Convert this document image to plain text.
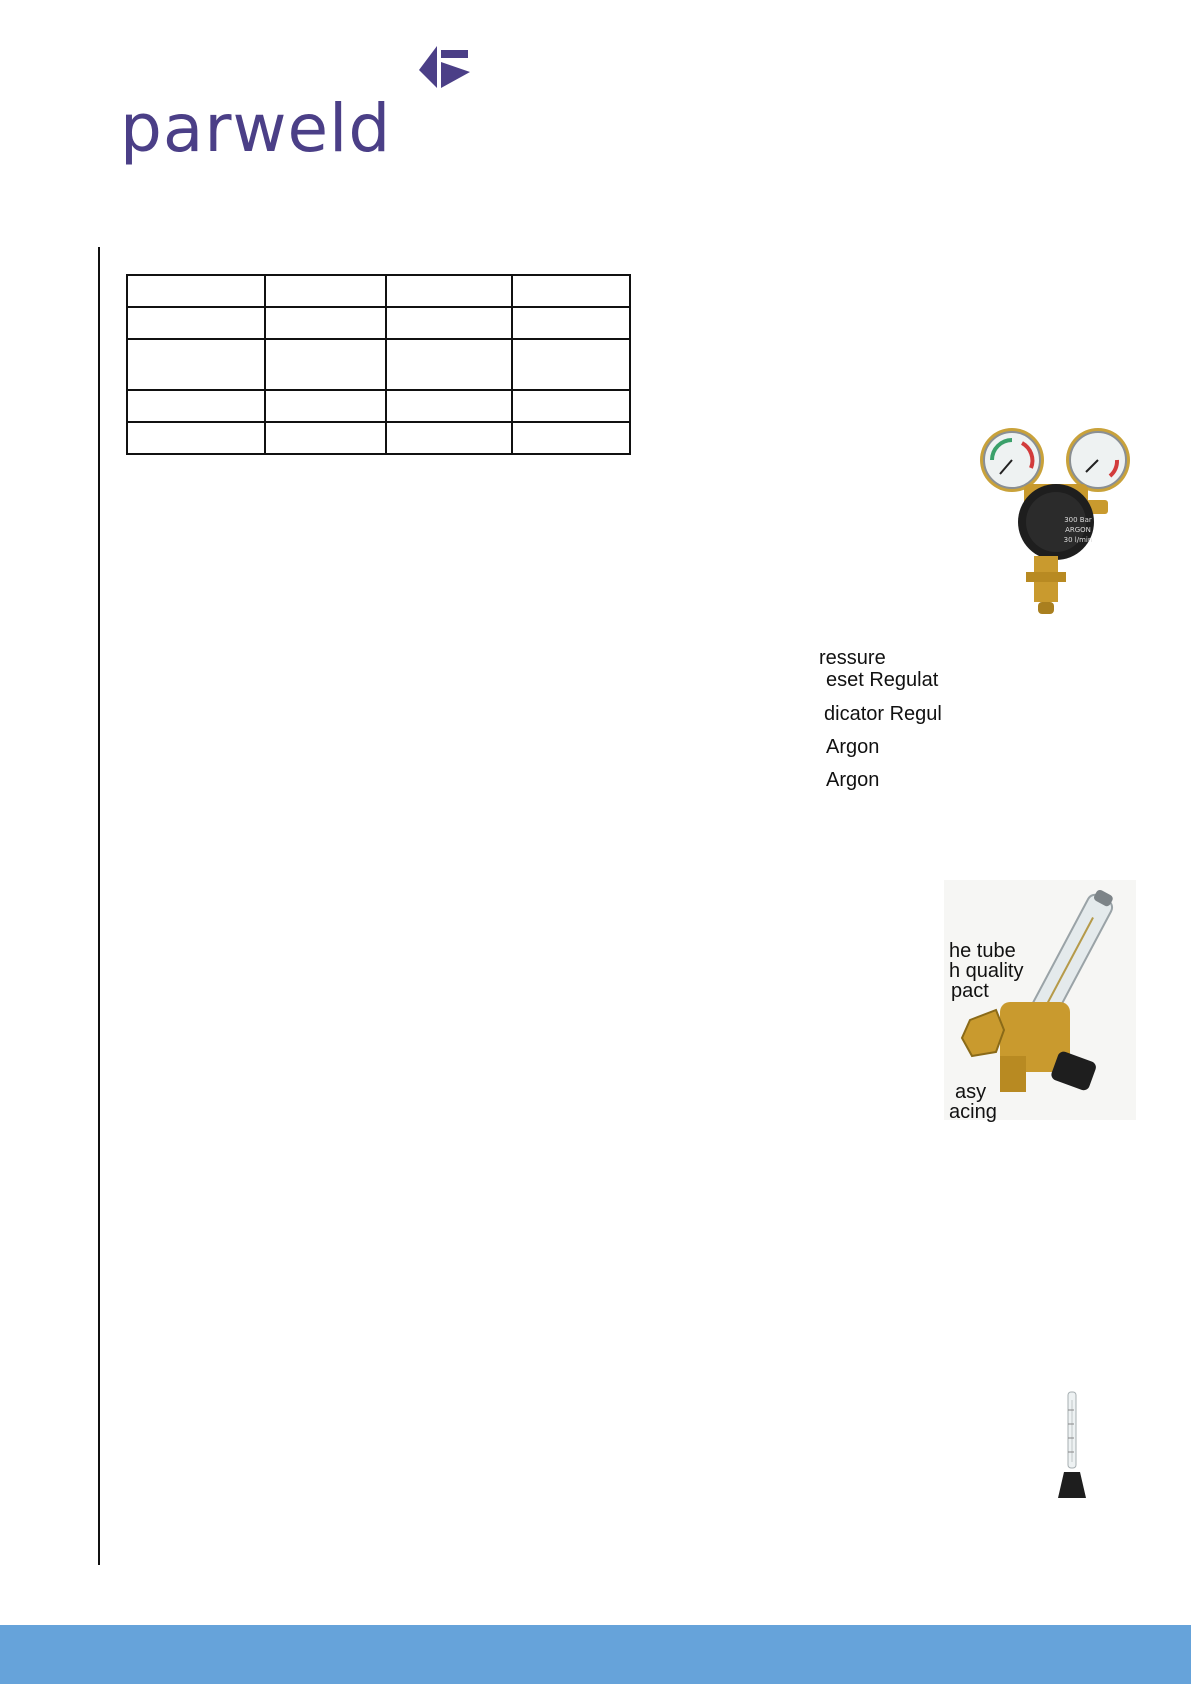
parweld

300 Bar
ARGON
30 l/min
ressure
eset Regulat
dicator Regul
Argon
Argon
he tube
h quality
pact
asy
acing
